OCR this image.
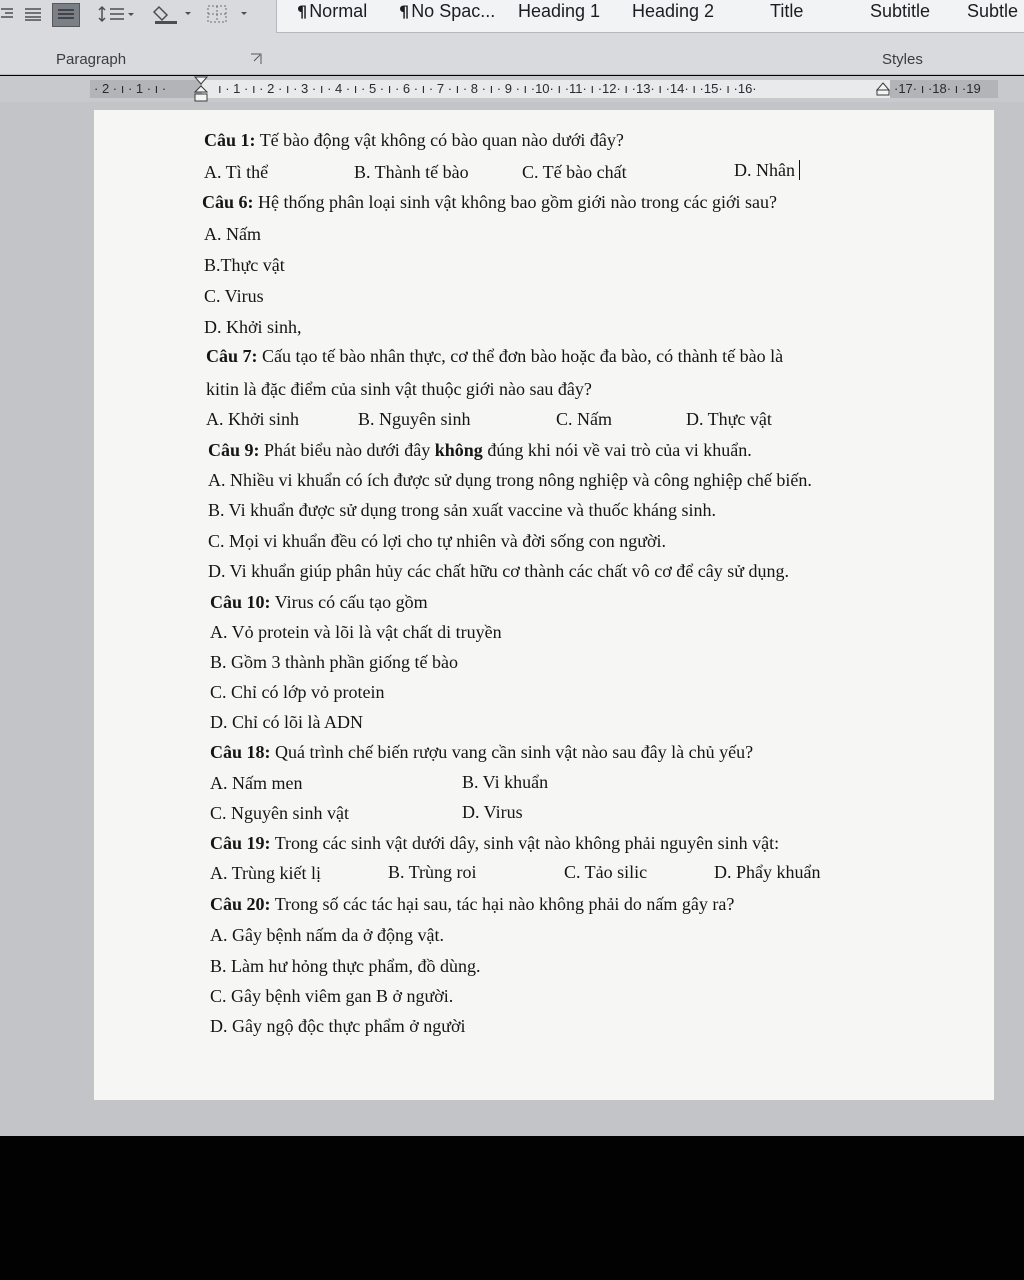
¶ Normal ¶ No Spac... Heading 1 Heading 2	Title	Subtitle Subtle
Paragraph	Styles
· 2 · ı · 1 · ı ·	ı · 1 · ı · 2 · ı · 3 · ı · 4 · ı · 5 · ı · 6 · ı · 7 · ı · 8 · ı · 9 · ı ·10· ı ·11· ı ·12· ı ·13· ı ·14· ı ·15· ı ·16·	·17· ı ·18· ı ·19
Câu 1: Tế bào động vật không có bào quan nào dưới đây?
A. Tì thể	B. Thành tế bào	C. Tế bào chất	D. Nhân
Câu 6: Hệ thống phân loại sinh vật không bao gồm giới nào trong các giới sau?
A. Nấm
B.Thực vật
C. Virus
D. Khởi sinh,
Câu 7: Cấu tạo tế bào nhân thực, cơ thể đơn bào hoặc đa bào, có thành tế bào là
kitin là đặc điểm của sinh vật thuộc giới nào sau đây?
A. Khởi sinh	B. Nguyên sinh	C. Nấm	D. Thực vật
Câu 9: Phát biểu nào dưới đây không đúng khi nói về vai trò của vi khuẩn.
A. Nhiều vi khuẩn có ích được sử dụng trong nông nghiệp và công nghiệp chế biến.
B. Vi khuẩn được sử dụng trong sản xuất vaccine và thuốc kháng sinh.
C. Mọi vi khuẩn đều có lợi cho tự nhiên và đời sống con người.
D. Vi khuẩn giúp phân hủy các chất hữu cơ thành các chất vô cơ để cây sử dụng.
Câu 10: Virus có cấu tạo gồm
A. Vỏ protein và lõi là vật chất di truyền
B. Gồm 3 thành phần giống tế bào
C. Chỉ có lớp vỏ protein
D. Chỉ có lõi là ADN
Câu 18: Quá trình chế biến rượu vang cần sinh vật nào sau đây là chủ yếu?
A. Nấm men	B. Vi khuẩn
C. Nguyên sinh vật	D. Virus
Câu 19: Trong các sinh vật dưới dây, sinh vật nào không phải nguyên sinh vật:
A. Trùng kiết lị	B. Trùng roi	C. Tảo silic	D. Phẩy khuẩn
Câu 20: Trong số các tác hại sau, tác hại nào không phải do nấm gây ra?
A. Gây bệnh nấm da ở động vật.
B. Làm hư hỏng thực phẩm, đồ dùng.
C. Gây bệnh viêm gan B ở người.
D. Gây ngộ độc thực phẩm ở người
